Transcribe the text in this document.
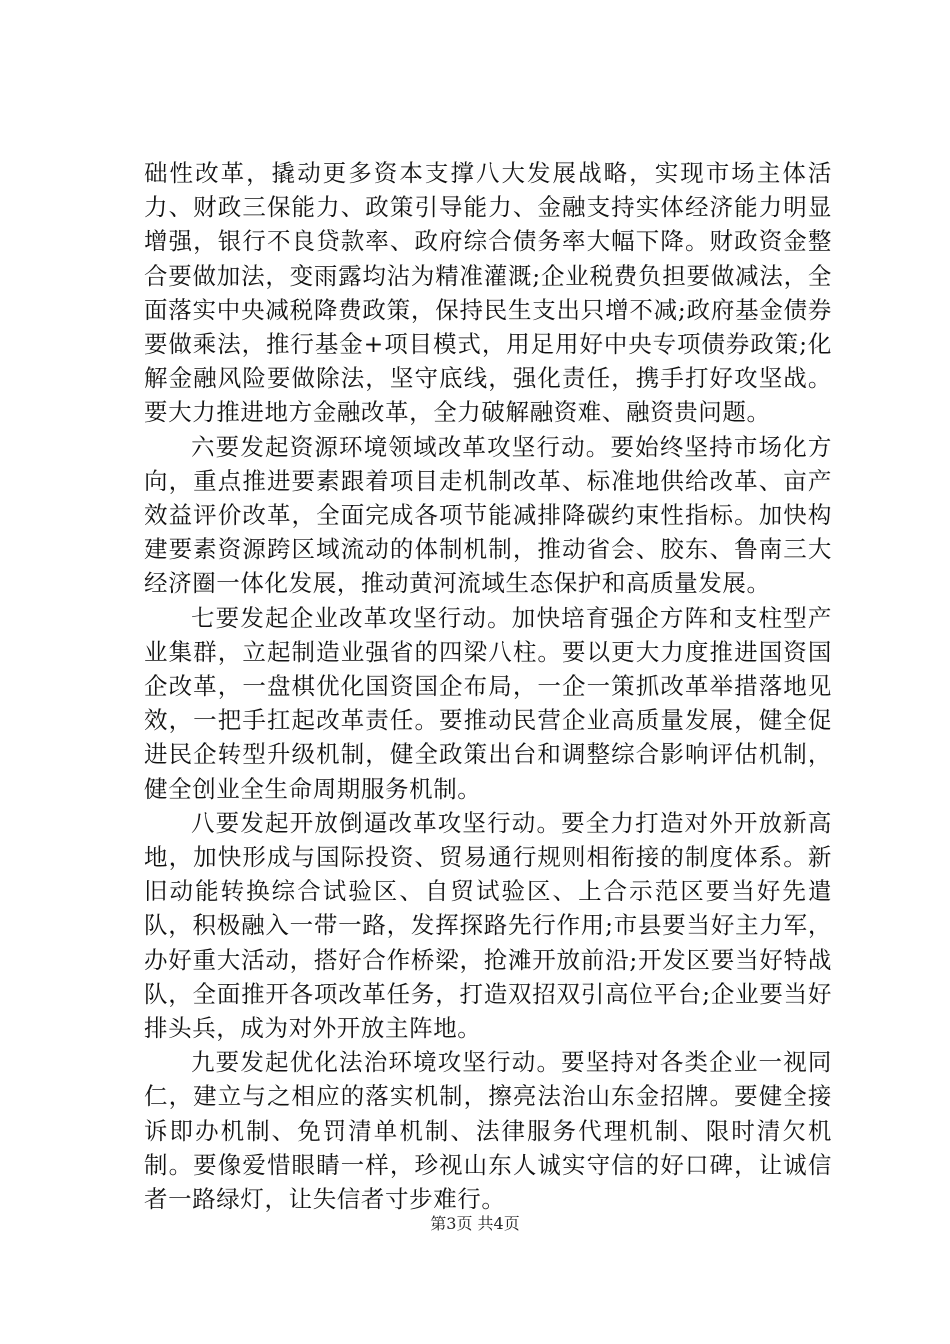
础性改革，撬动更多资本支撑八大发展战略，实现市场主体活力、财政三保能力、政策引导能力、金融支持实体经济能力明显增强，银行不良贷款率、政府综合债务率大幅下降。财政资金整合要做加法，变雨露均沾为精准灌溉;企业税费负担要做减法，全面落实中央减税降费政策，保持民生支出只增不减;政府基金债券要做乘法，推行基金+项目模式，用足用好中央专项债券政策;化解金融风险要做除法，坚守底线，强化责任，携手打好攻坚战。要大力推进地方金融改革，全力破解融资难、融资贵问题。

六要发起资源环境领域改革攻坚行动。要始终坚持市场化方向，重点推进要素跟着项目走机制改革、标准地供给改革、亩产效益评价改革，全面完成各项节能减排降碳约束性指标。加快构建要素资源跨区域流动的体制机制，推动省会、胶东、鲁南三大经济圈一体化发展，推动黄河流域生态保护和高质量发展。

七要发起企业改革攻坚行动。加快培育强企方阵和支柱型产业集群，立起制造业强省的四梁八柱。要以更大力度推进国资国企改革，一盘棋优化国资国企布局，一企一策抓改革举措落地见效，一把手扛起改革责任。要推动民营企业高质量发展，健全促进民企转型升级机制，健全政策出台和调整综合影响评估机制，健全创业全生命周期服务机制。

八要发起开放倒逼改革攻坚行动。要全力打造对外开放新高地，加快形成与国际投资、贸易通行规则相衔接的制度体系。新旧动能转换综合试验区、自贸试验区、上合示范区要当好先遣队，积极融入一带一路，发挥探路先行作用;市县要当好主力军，办好重大活动，搭好合作桥梁，抢滩开放前沿;开发区要当好特战队，全面推开各项改革任务，打造双招双引高位平台;企业要当好排头兵，成为对外开放主阵地。

九要发起优化法治环境攻坚行动。要坚持对各类企业一视同仁，建立与之相应的落实机制，擦亮法治山东金招牌。要健全接诉即办机制、免罚清单机制、法律服务代理机制、限时清欠机制。要像爱惜眼睛一样，珍视山东人诚实守信的好口碑，让诚信者一路绿灯，让失信者寸步难行。

第3页 共4页
